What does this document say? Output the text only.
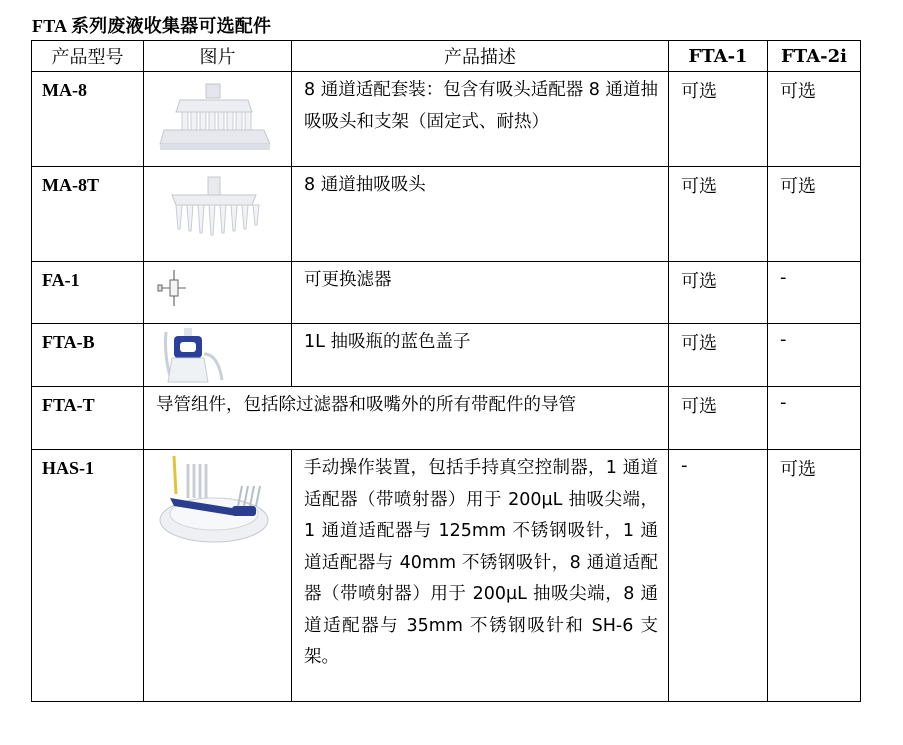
FTA 系列废液收集器可选配件
产品型号	图片	产品描述	FTA-1	FTA-2i
MA-8		8 通道适配套装：包含有吸头适配器 8 通道抽吸吸头和支架（固定式、耐热）	可选	可选
MA-8T		8 通道抽吸吸头	可选	可选
FA-1		可更换滤器	可选	-
FTA-B		1L 抽吸瓶的蓝色盖子	可选	-
FTA-T	导管组件，包括除过滤器和吸嘴外的所有带配件的导管		可选	-
HAS-1		手动操作装置，包括手持真空控制器，1 通道适配器（带喷射器）用于 200µL 抽吸尖端，1 通道适配器与 125mm 不锈钢吸针，1 通道适配器与 40mm 不锈钢吸针，8 通道适配器（带喷射器）用于 200µL 抽吸尖端，8 通道适配器与 35mm 不锈钢吸针和 SH-6 支架。	-	可选
